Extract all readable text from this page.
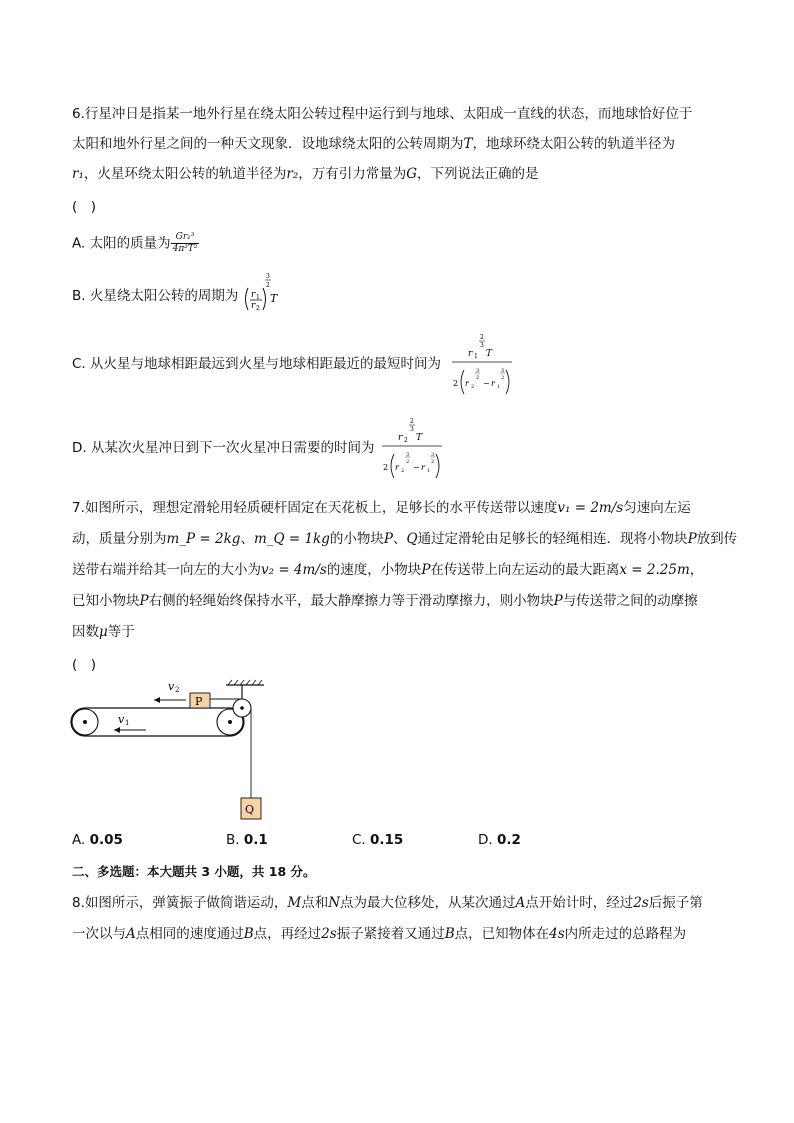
6.行星冲日是指某一地外行星在绕太阳公转过程中运行到与地球、太阳成一直线的状态，而地球恰好位于
太阳和地外行星之间的一种天文现象．设地球绕太阳的公转周期为T，地球环绕太阳公转的轨道半径为
r₁，火星环绕太阳公转的轨道半径为r₂，万有引力常量为G，下列说法正确的是
(　)
A. 太阳的质量为 $\frac{\text{Gr₁³}}{\text{4π²T²}}$
B. 火星绕太阳公转的周期为 r 1
r 2
3
2
T
C. 从火星与地球相距最远到火星与地球相距最近的最短时间为
2
3
r 1 T
2 r 2
3
2
− r 1
3
2
D. 从某次火星冲日到下一次火星冲日需要的时间为
2
3
r 2 T
2 r 2
3
2
− r 1
3
2
7.如图所示，理想定滑轮用轻质硬杆固定在天花板上，足够长的水平传送带以速度v₁ = 2m/s匀速向左运
动，质量分别为m_P = 2kg、m_Q = 1kg的小物块P、Q通过定滑轮由足够长的轻绳相连．现将小物块P放到传
送带右端并给其一向左的大小为v₂ = 4m/s的速度，小物块P在传送带上向左运动的最大距离x = 2.25m，
已知小物块P右侧的轻绳始终保持水平，最大静摩擦力等于滑动摩擦力，则小物块P与传送带之间的动摩擦
因数μ等于
(　)
v 1
v 2
P
Q
A. 0.05	B. 0.1	C. 0.15	D. 0.2
二、多选题：本大题共 3 小题，共 18 分。
8.如图所示，弹簧振子做简谐运动，M点和N点为最大位移处，从某次通过A点开始计时，经过2s后振子第
一次以与A点相同的速度通过B点，再经过2s振子紧接着又通过B点，已知物体在4s内所走过的总路程为
